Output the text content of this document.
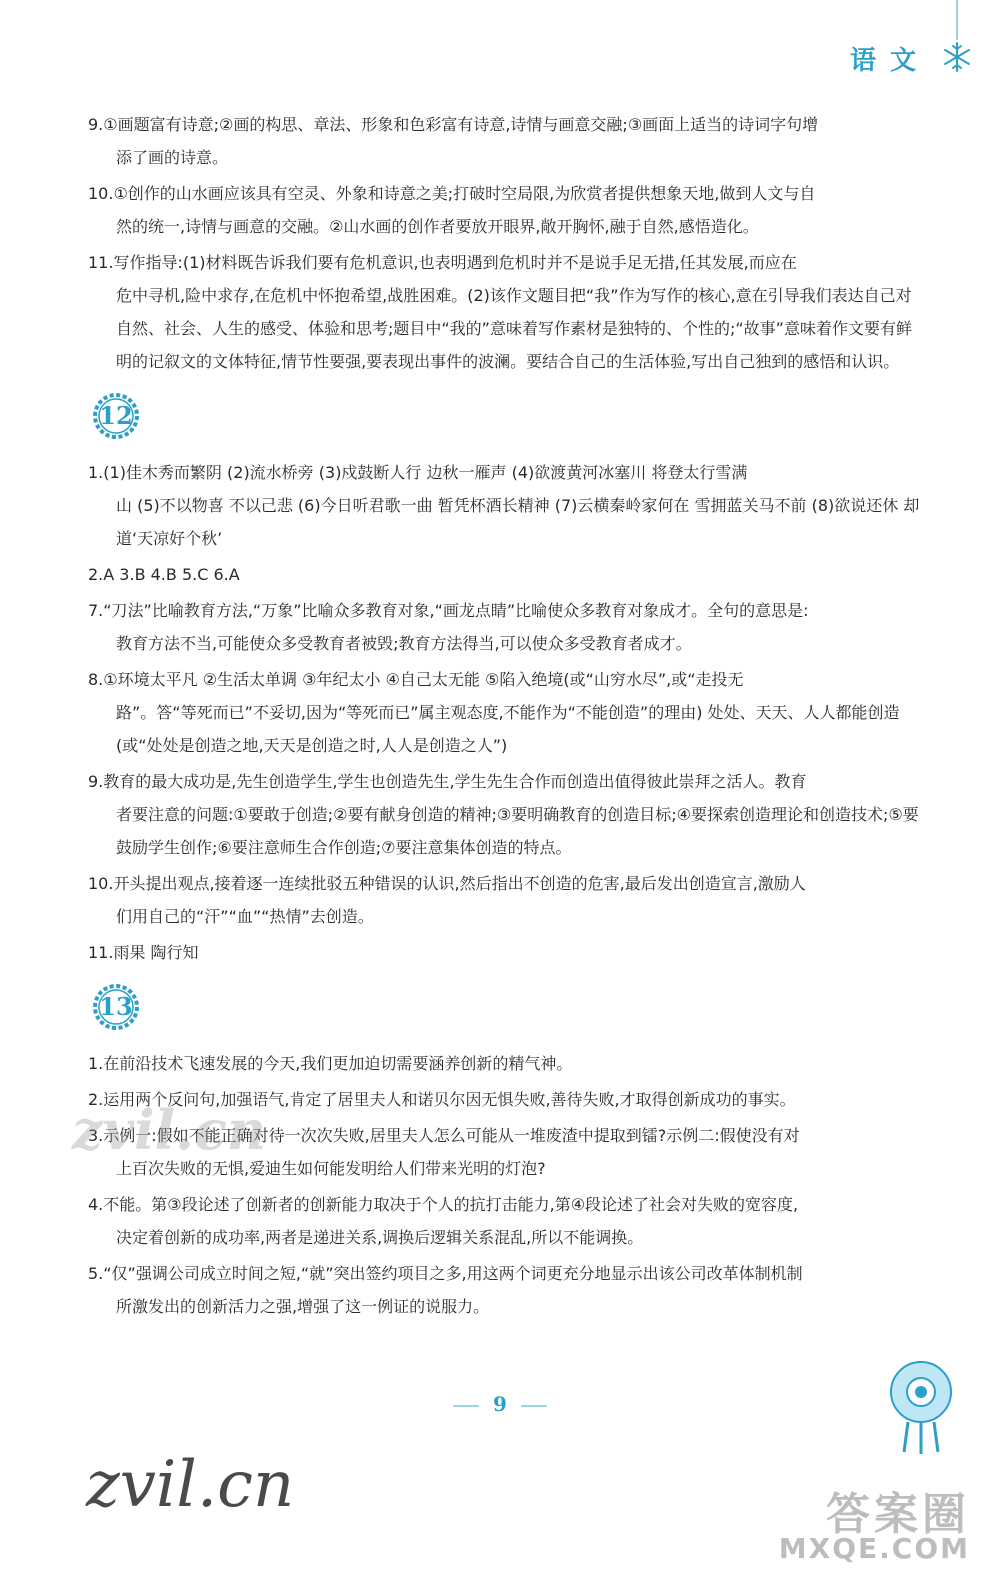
语文
9.①画题富有诗意;②画的构思、章法、形象和色彩富有诗意,诗情与画意交融;③画面上适当的诗词字句增
添了画的诗意。
10.①创作的山水画应该具有空灵、外象和诗意之美;打破时空局限,为欣赏者提供想象天地,做到人文与自
然的统一,诗情与画意的交融。②山水画的创作者要放开眼界,敞开胸怀,融于自然,感悟造化。
11.写作指导:(1)材料既告诉我们要有危机意识,也表明遇到危机时并不是说手足无措,任其发展,而应在
危中寻机,险中求存,在危机中怀抱希望,战胜困难。(2)该作文题目把“我”作为写作的核心,意在引导我们表达自己对自然、社会、人生的感受、体验和思考;题目中“我的”意味着写作素材是独特的、个性的;“故事”意味着作文要有鲜明的记叙文的文体特征,情节性要强,要表现出事件的波澜。要结合自己的生活体验,写出自己独到的感悟和认识。
12
1.(1)佳木秀而繁阴 (2)流水桥旁 (3)戍鼓断人行 边秋一雁声 (4)欲渡黄河冰塞川 将登太行雪满
山 (5)不以物喜 不以己悲 (6)今日听君歌一曲 暂凭杯酒长精神 (7)云横秦岭家何在 雪拥蓝关马不前 (8)欲说还休 却道‘天凉好个秋’
2.A 3.B 4.B 5.C 6.A
7.“刀法”比喻教育方法,“万象”比喻众多教育对象,“画龙点睛”比喻使众多教育对象成才。全句的意思是:
教育方法不当,可能使众多受教育者被毁;教育方法得当,可以使众多受教育者成才。
8.①环境太平凡 ②生活太单调 ③年纪太小 ④自己太无能 ⑤陷入绝境(或“山穷水尽”,或“走投无
路”。答“等死而已”不妥切,因为“等死而已”属主观态度,不能作为“不能创造”的理由) 处处、天天、人人都能创造(或“处处是创造之地,天天是创造之时,人人是创造之人”)
9.教育的最大成功是,先生创造学生,学生也创造先生,学生先生合作而创造出值得彼此崇拜之活人。教育
者要注意的问题:①要敢于创造;②要有献身创造的精神;③要明确教育的创造目标;④要探索创造理论和创造技术;⑤要鼓励学生创作;⑥要注意师生合作创造;⑦要注意集体创造的特点。
10.开头提出观点,接着逐一连续批驳五种错误的认识,然后指出不创造的危害,最后发出创造宣言,激励人
们用自己的“汗”“血”“热情”去创造。
11.雨果 陶行知
13
1.在前沿技术飞速发展的今天,我们更加迫切需要涵养创新的精气神。
2.运用两个反问句,加强语气,肯定了居里夫人和诺贝尔因无惧失败,善待失败,才取得创新成功的事实。
3.示例一:假如不能正确对待一次次失败,居里夫人怎么可能从一堆废渣中提取到镭?示例二:假使没有对
上百次失败的无惧,爱迪生如何能发明给人们带来光明的灯泡?
4.不能。第③段论述了创新者的创新能力取决于个人的抗打击能力,第④段论述了社会对失败的宽容度,
决定着创新的成功率,两者是递进关系,调换后逻辑关系混乱,所以不能调换。
5.“仅”强调公司成立时间之短,“就”突出签约项目之多,用这两个词更充分地显示出该公司改革体制机制
所激发出的创新活力之强,增强了这一例证的说服力。
zvil.cn
9
zvil.cn	答案圈
MXQE.COM
